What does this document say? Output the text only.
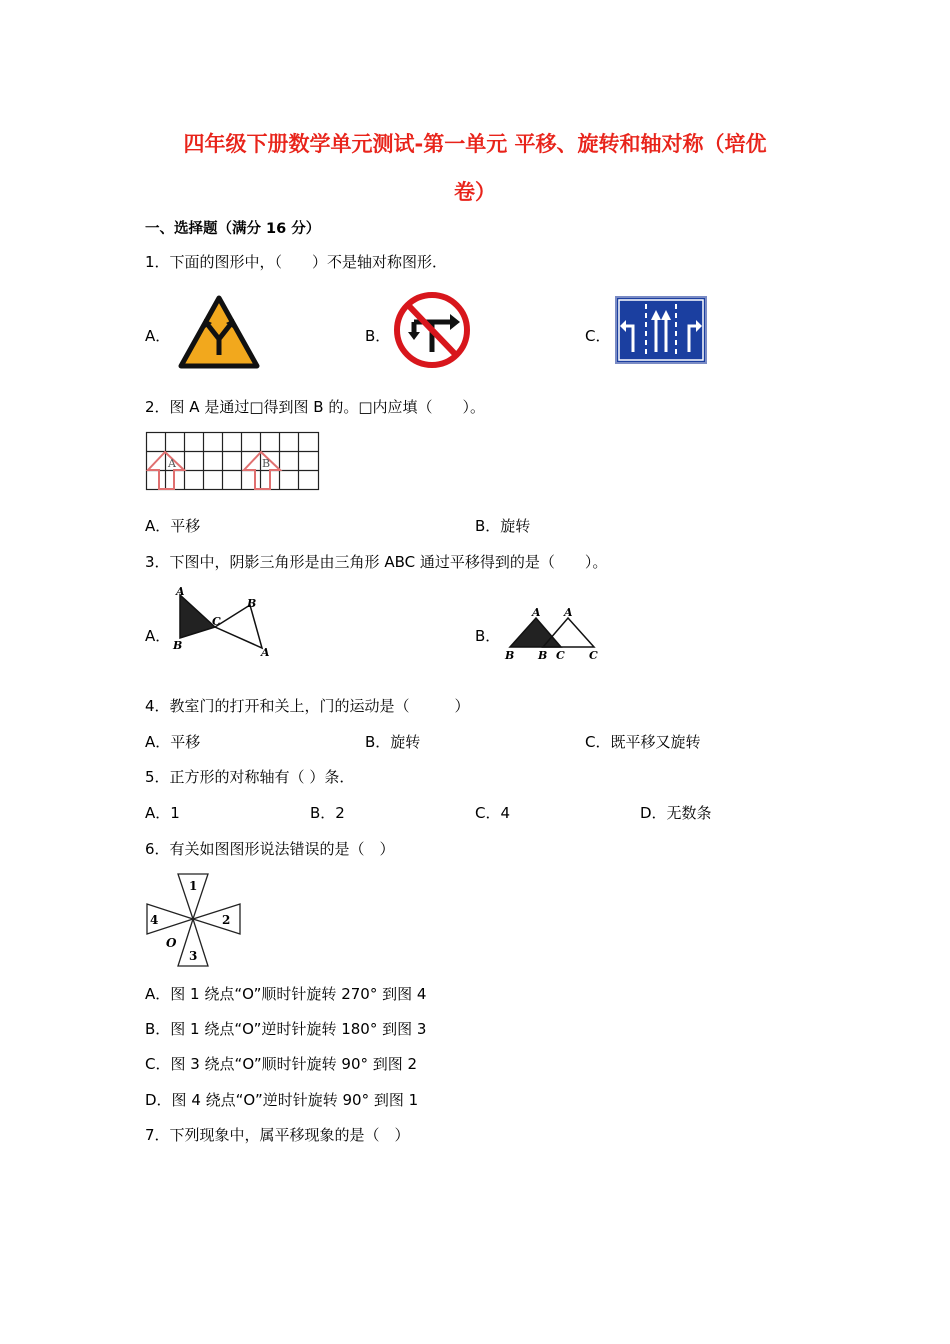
四年级下册数学单元测试-第一单元 平移、旋转和轴对称（培优
卷）
一、选择题（满分 16 分）
1．下面的图形中，（　　）不是轴对称图形．
A．	B．	C．
2．图 A 是通过□得到图 B 的。□内应填（　　）。
A	B
A．平移	B．旋转
3．下图中，阴影三角形是由三角形 ABC 通过平移得到的是（　　）。
A．	B．
A
B
C
B
A
A A
B B C C
4．教室门的打开和关上，门的运动是（　　　）
A．平移	B．旋转	C．既平移又旋转
5．正方形的对称轴有（ ）条．
A．1	B．2	C．4	D．无数条
6．有关如图图形说法错误的是（　）
1
2
3
4
O
A．图 1 绕点“O”顺时针旋转 270° 到图 4
B．图 1 绕点“O”逆时针旋转 180° 到图 3
C．图 3 绕点“O”顺时针旋转 90° 到图 2
D．图 4 绕点“O”逆时针旋转 90° 到图 1
7．下列现象中，属平移现象的是（　）
